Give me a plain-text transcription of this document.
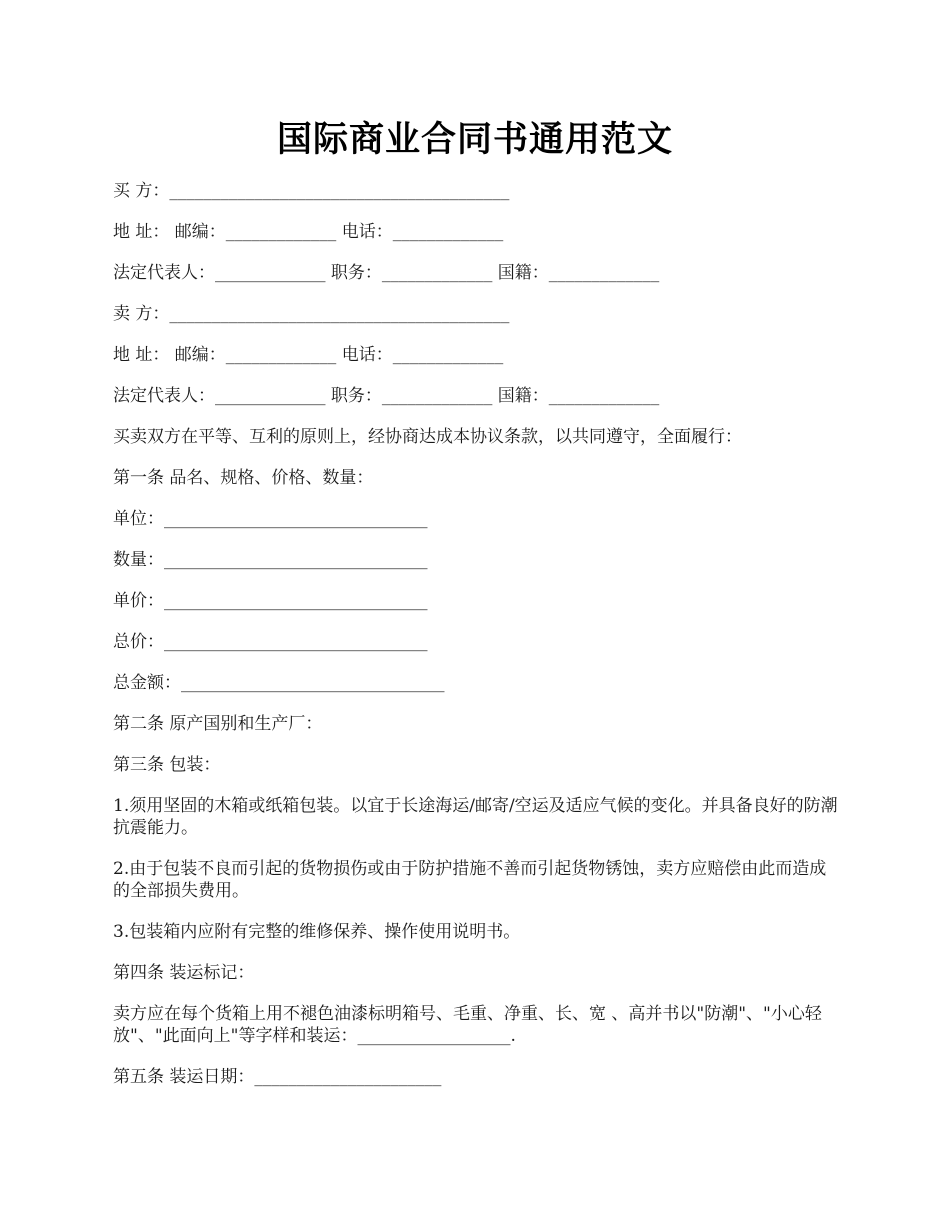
国际商业合同书通用范文

买 方：________________________________________

地 址： 邮编：_____________ 电话：_____________

法定代表人：_____________ 职务：_____________ 国籍：_____________

卖 方：________________________________________

地 址： 邮编：_____________ 电话：_____________

法定代表人：_____________ 职务：_____________ 国籍：_____________

买卖双方在平等、互利的原则上，经协商达成本协议条款，以共同遵守，全面履行：

第一条 品名、规格、价格、数量：

单位：_______________________________

数量：_______________________________

单价：_______________________________

总价：_______________________________

总金额：_______________________________

第二条 原产国别和生产厂：

第三条 包装：

1.须用坚固的木箱或纸箱包装。以宜于长途海运/邮寄/空运及适应气候的变化。并具备良好的防潮抗震能力。

2.由于包装不良而引起的货物损伤或由于防护措施不善而引起货物锈蚀，卖方应赔偿由此而造成的全部损失费用。

3.包装箱内应附有完整的维修保养、操作使用说明书。

第四条 装运标记：

卖方应在每个货箱上用不褪色油漆标明箱号、毛重、净重、长、宽 、高并书以"防潮"、"小心轻放"、"此面向上"等字样和装运：__________________.

第五条 装运日期：______________________
